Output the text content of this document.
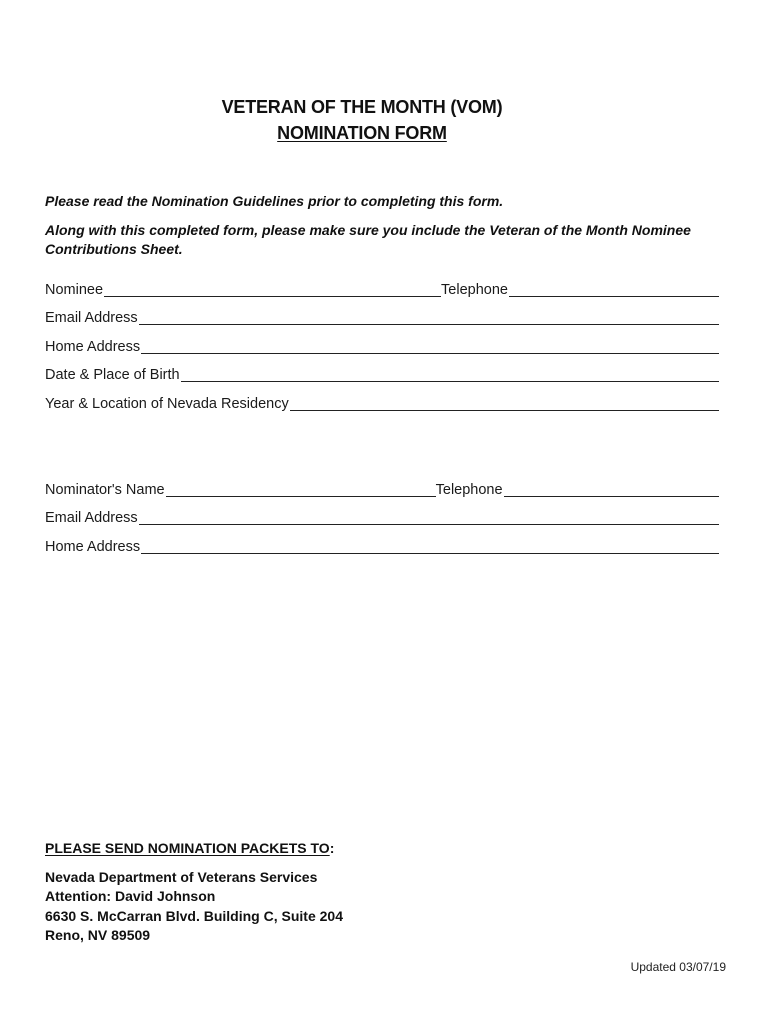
VETERAN OF THE MONTH (VOM)
NOMINATION FORM
Please read the Nomination Guidelines prior to completing this form.
Along with this completed form, please make sure you include the Veteran of the Month Nominee Contributions Sheet.
Nominee	Telephone
Email Address
Home Address
Date & Place of Birth
Year & Location of Nevada Residency
Nominator's Name	Telephone
Email Address
Home Address
PLEASE SEND NOMINATION PACKETS TO:
Nevada Department of Veterans Services
Attention: David Johnson
6630 S. McCarran Blvd. Building C, Suite 204
Reno, NV 89509
Updated 03/07/19
